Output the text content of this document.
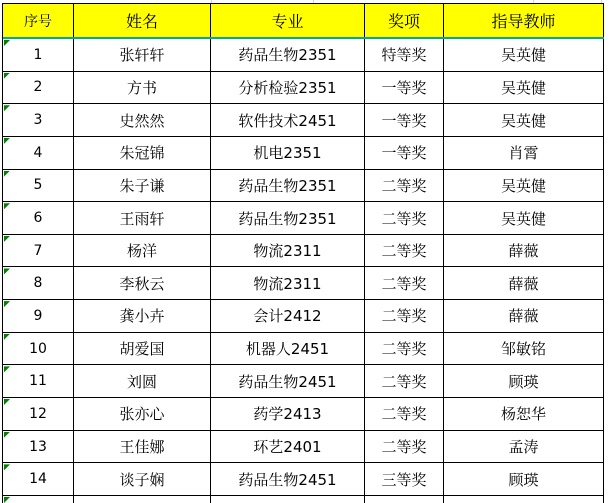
序号	姓名	专业	奖项	指导教师
1	张轩轩	药品生物2351	特等奖	吴英健
2	方书	分析检验2351	一等奖	吴英健
3	史然然	软件技术2451	一等奖	吴英健
4	朱冠锦	机电2351	一等奖	肖霄
5	朱子谦	药品生物2351	二等奖	吴英健
6	王雨轩	药品生物2351	二等奖	吴英健
7	杨洋	物流2311	二等奖	薛薇
8	李秋云	物流2311	二等奖	薛薇
9	龚小卉	会计2412	二等奖	薛薇
10	胡爱国	机器人2451	二等奖	邹敏铭
11	刘圆	药品生物2451	二等奖	顾瑛
12	张亦心	药学2413	二等奖	杨恕华
13	王佳娜	环艺2401	二等奖	孟涛
14	谈子娴	药品生物2451	三等奖	顾瑛
